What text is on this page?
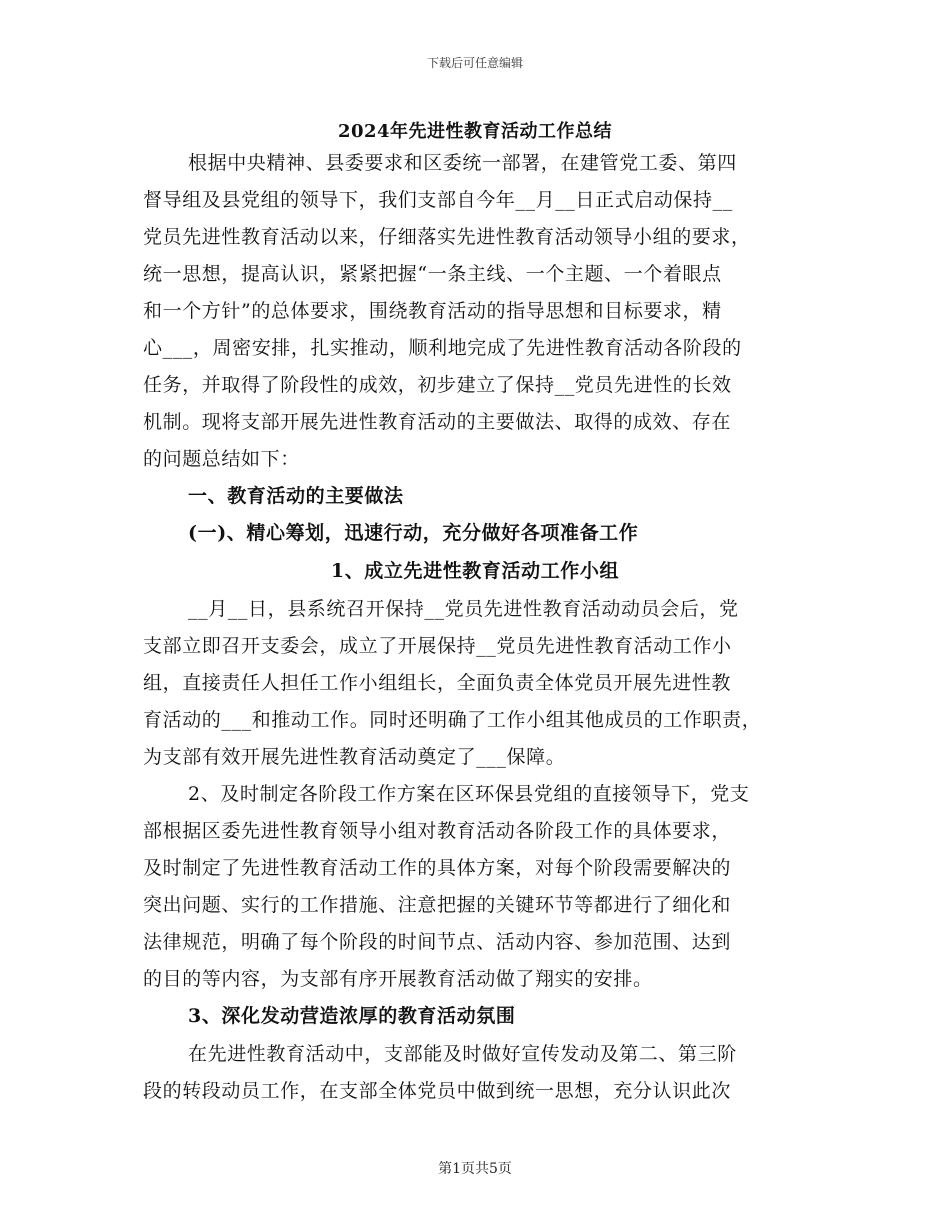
下载后可任意编辑
2024年先进性教育活动工作总结
根据中央精神、县委要求和区委统一部署，在建管党工委、第四
督导组及县党组的领导下，我们支部自今年__月__日正式启动保持__
党员先进性教育活动以来，仔细落实先进性教育活动领导小组的要求，
统一思想，提高认识，紧紧把握“一条主线、一个主题、一个着眼点
和一个方针”的总体要求，围绕教育活动的指导思想和目标要求，精
心___，周密安排，扎实推动，顺利地完成了先进性教育活动各阶段的
任务，并取得了阶段性的成效，初步建立了保持__党员先进性的长效
机制。现将支部开展先进性教育活动的主要做法、取得的成效、存在
的问题总结如下：
一、教育活动的主要做法
(一)、精心筹划，迅速行动，充分做好各项准备工作
1、成立先进性教育活动工作小组
__月__日，县系统召开保持__党员先进性教育活动动员会后，党
支部立即召开支委会，成立了开展保持__党员先进性教育活动工作小
组，直接责任人担任工作小组组长，全面负责全体党员开展先进性教
育活动的___和推动工作。同时还明确了工作小组其他成员的工作职责，
为支部有效开展先进性教育活动奠定了___保障。
2、及时制定各阶段工作方案在区环保县党组的直接领导下，党支
部根据区委先进性教育领导小组对教育活动各阶段工作的具体要求，
及时制定了先进性教育活动工作的具体方案，对每个阶段需要解决的
突出问题、实行的工作措施、注意把握的关键环节等都进行了细化和
法律规范，明确了每个阶段的时间节点、活动内容、参加范围、达到
的目的等内容，为支部有序开展教育活动做了翔实的安排。
3、深化发动营造浓厚的教育活动氛围
在先进性教育活动中，支部能及时做好宣传发动及第二、第三阶
段的转段动员工作，在支部全体党员中做到统一思想，充分认识此次
第1页共5页
